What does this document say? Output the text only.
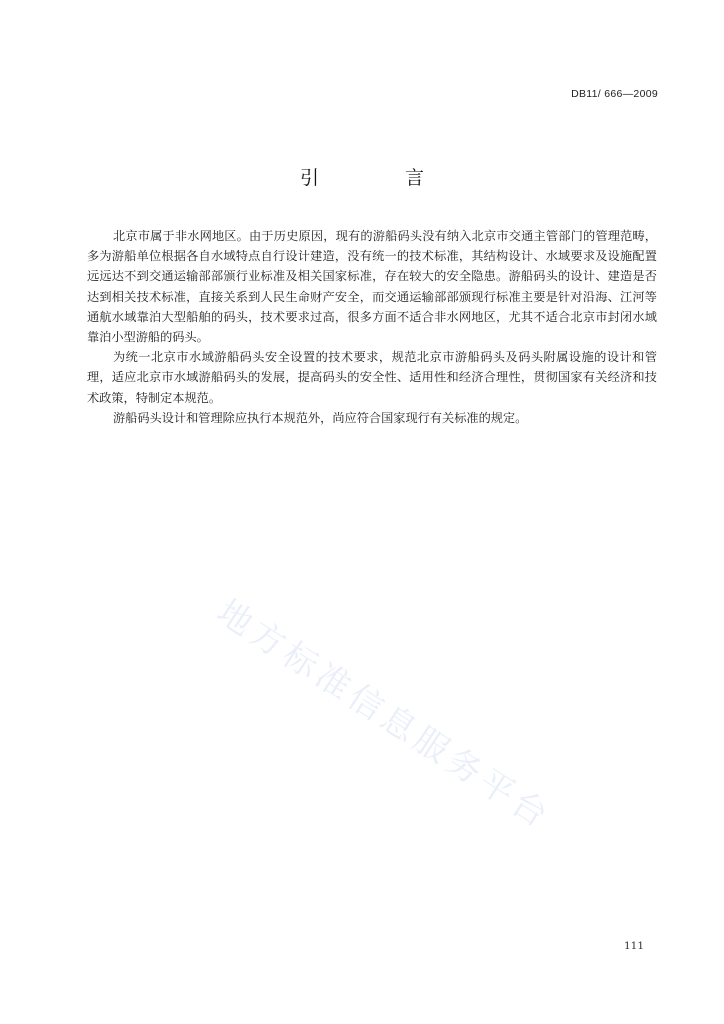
DB11/ 666—2009
引 言

北京市属于非水网地区。由于历史原因，现有的游船码头没有纳入北京市交通主管部门的管理范畴，多为游船单位根据各自水域特点自行设计建造，没有统一的技术标准，其结构设计、水域要求及设施配置远远达不到交通运输部部颁行业标准及相关国家标准，存在较大的安全隐患。游船码头的设计、建造是否达到相关技术标准，直接关系到人民生命财产安全，而交通运输部部颁现行标准主要是针对沿海、江河等通航水域靠泊大型船舶的码头，技术要求过高，很多方面不适合非水网地区，尤其不适合北京市封闭水域靠泊小型游船的码头。

为统一北京市水域游船码头安全设置的技术要求，规范北京市游船码头及码头附属设施的设计和管理，适应北京市水域游船码头的发展，提高码头的安全性、适用性和经济合理性，贯彻国家有关经济和技术政策，特制定本规范。

游船码头设计和管理除应执行本规范外，尚应符合国家现行有关标准的规定。

地方标准信息服务平台
111
